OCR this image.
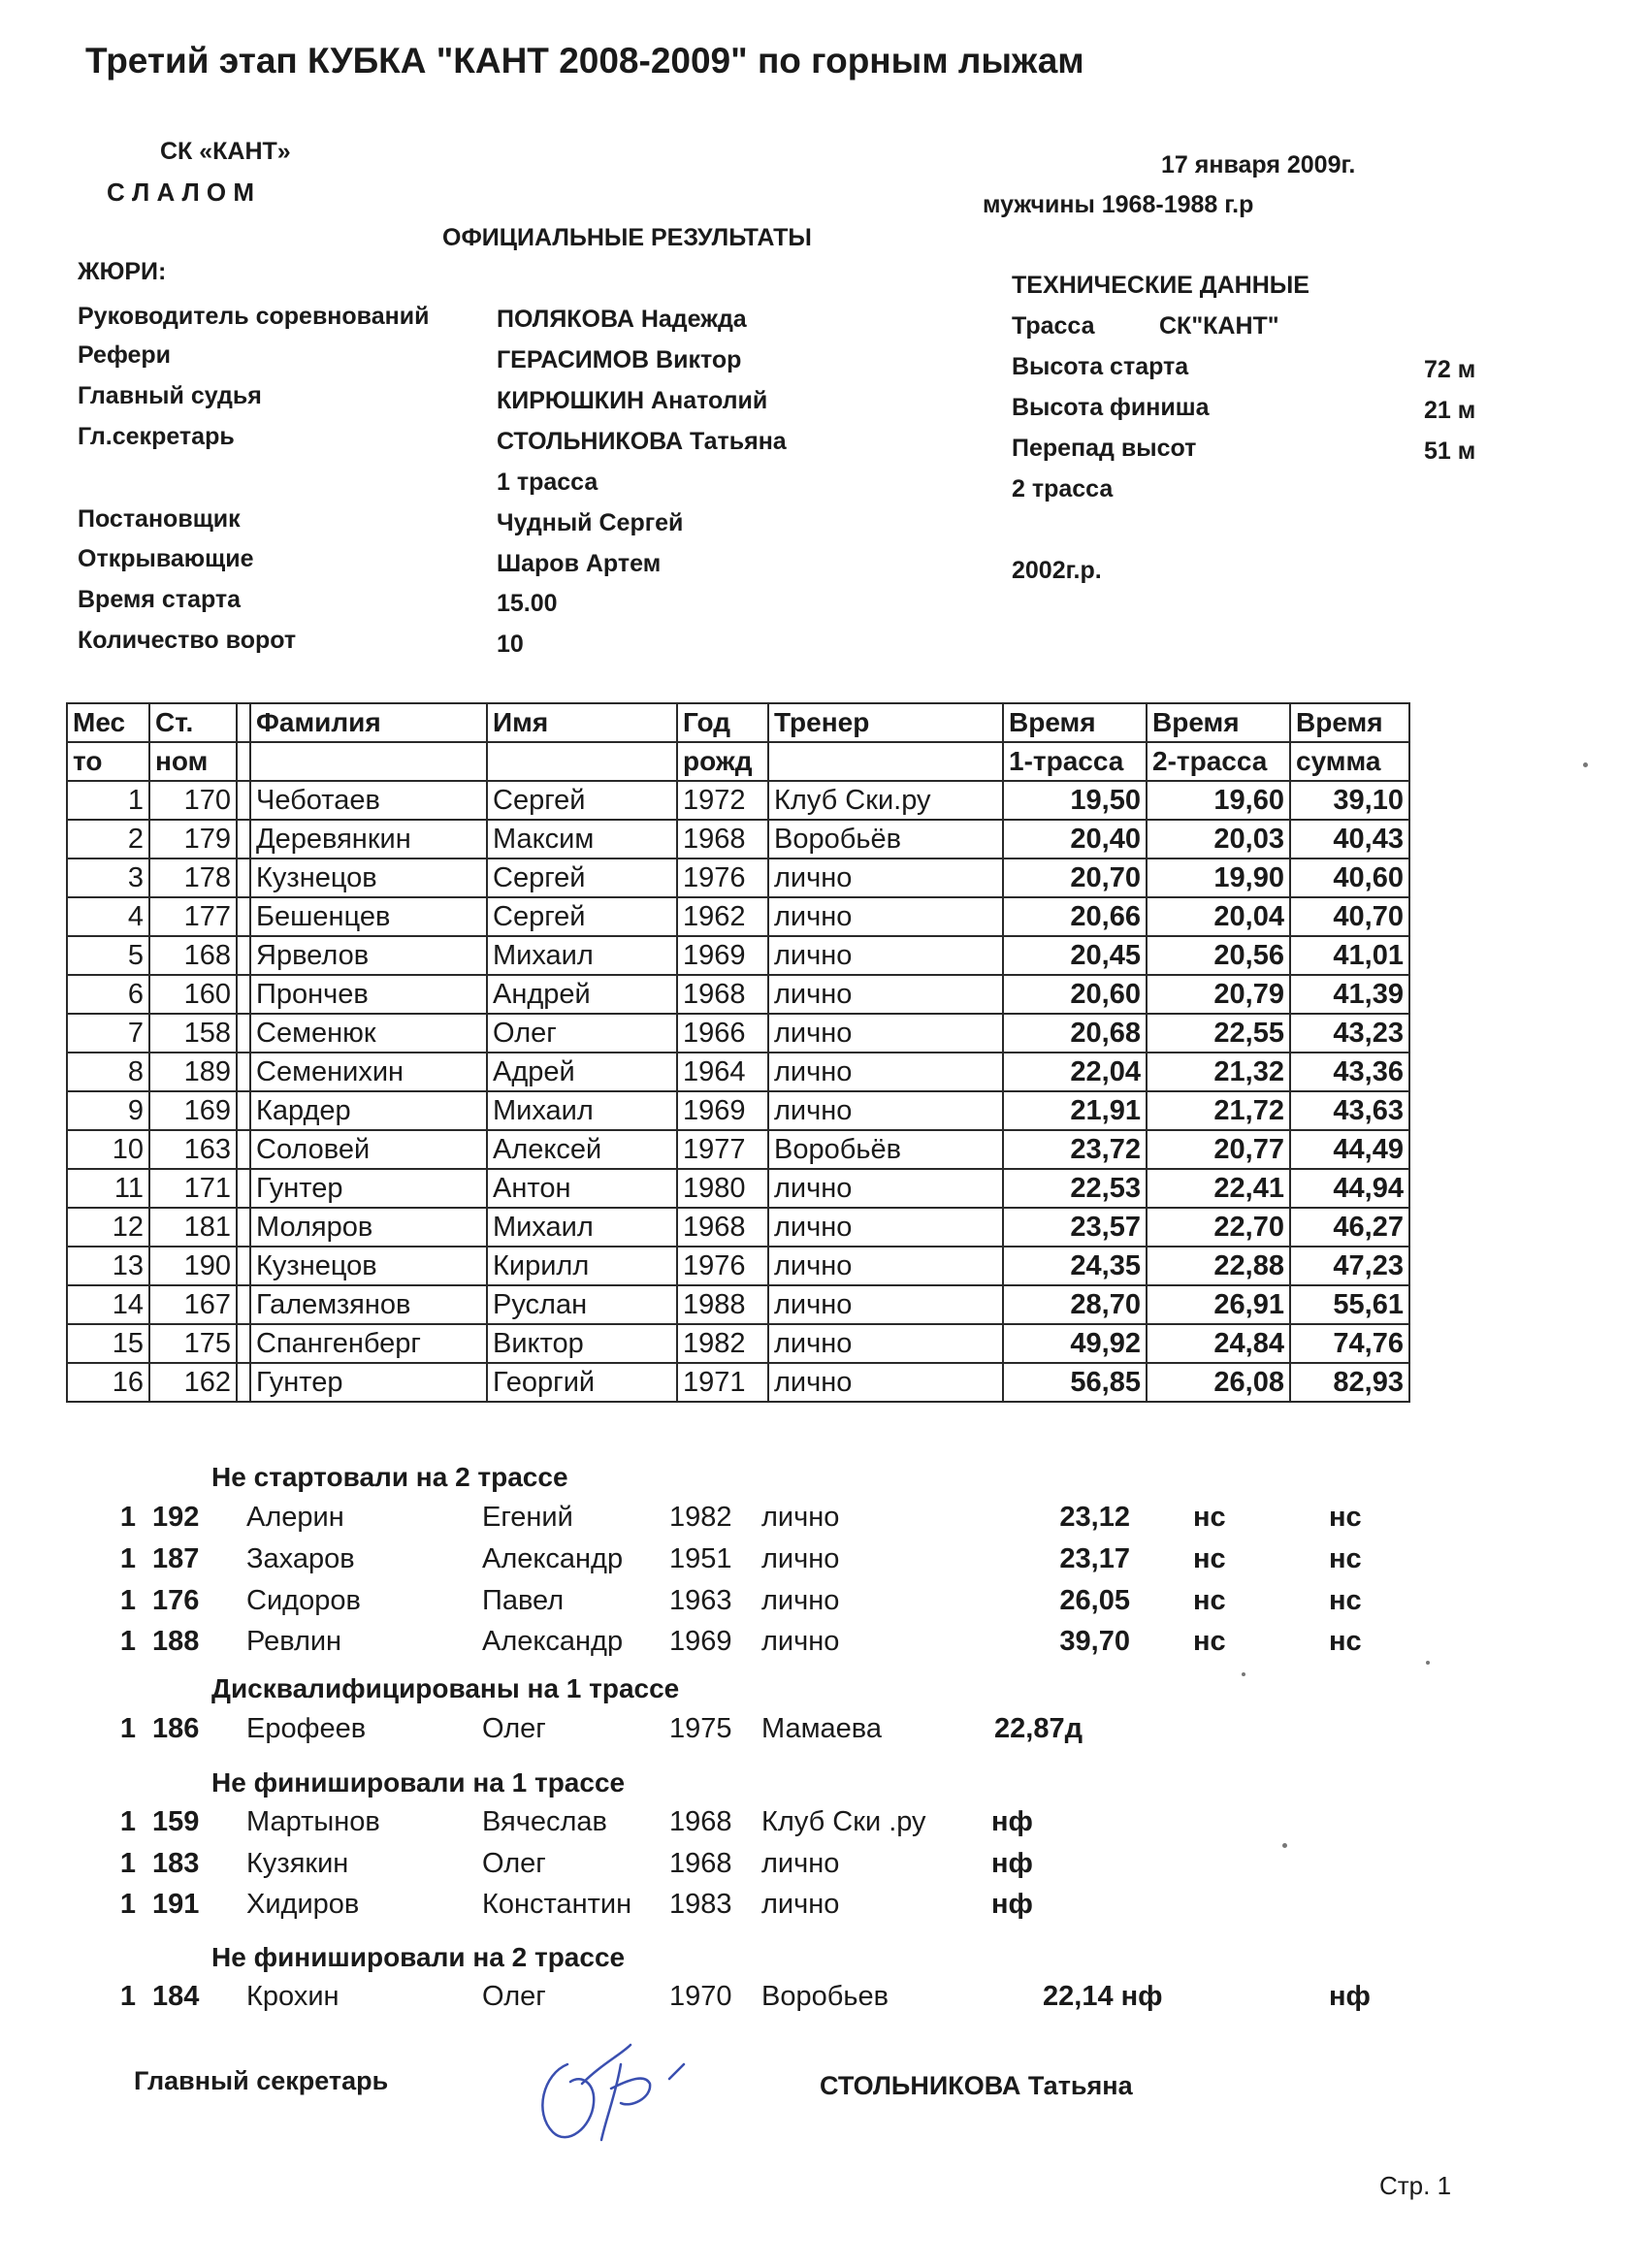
Третий этап КУБКА "КАНТ 2008-2009" по горным лыжам
СК «КАНТ»
С Л А Л О М
17 января 2009г.
мужчины 1968-1988 г.р
ОФИЦИАЛЬНЫЕ РЕЗУЛЬТАТЫ
ЖЮРИ:
Руководитель соревнований	ПОЛЯКОВА Надежда
Рефери	ГЕРАСИМОВ Виктор
Главный судья	КИРЮШКИН Анатолий
Гл.секретарь	СТОЛЬНИКОВА Татьяна
1 трасса
Постановщик	Чудный Сергей
Открывающие	Шаров Артем
Время старта	15.00
Количество ворот	10
ТЕХНИЧЕСКИЕ ДАННЫЕ
Трасса	СК"КАНТ"
Высота старта	72 м
Высота финиша	21 м
Перепад высот	51 м
2 трасса
2002г.р.
Мес	Ст.		Фамилия	Имя	Год	Тренер	Время	Время	Время
то	ном				рожд		1-трасса	2-трасса	сумма
1	170		Чеботаев	Сергей	1972	Клуб Ски.ру	19,50	19,60	39,10
2	179		Деревянкин	Максим	1968	Воробьёв	20,40	20,03	40,43
3	178		Кузнецов	Сергей	1976	лично	20,70	19,90	40,60
4	177		Бешенцев	Сергей	1962	лично	20,66	20,04	40,70
5	168		Ярвелов	Михаил	1969	лично	20,45	20,56	41,01
6	160		Прончев	Андрей	1968	лично	20,60	20,79	41,39
7	158		Семенюк	Олег	1966	лично	20,68	22,55	43,23
8	189		Семенихин	Адрей	1964	лично	22,04	21,32	43,36
9	169		Кардер	Михаил	1969	лично	21,91	21,72	43,63
10	163		Соловей	Алексей	1977	Воробьёв	23,72	20,77	44,49
11	171		Гунтер	Антон	1980	лично	22,53	22,41	44,94
12	181		Моляров	Михаил	1968	лично	23,57	22,70	46,27
13	190		Кузнецов	Кирилл	1976	лично	24,35	22,88	47,23
14	167		Галемзянов	Руслан	1988	лично	28,70	26,91	55,61
15	175		Спангенберг	Виктор	1982	лично	49,92	24,84	74,76
16	162		Гунтер	Георгий	1971	лично	56,85	26,08	82,93
Не стартовали на 2 трассе
1 192	Алерин	Егений	1982	лично	23,12 нс	нс
1 187	Захаров	Александр	1951	лично	23,17 нс	нс
1 176	Сидоров	Павел	1963	лично	26,05 нс	нс
1 188	Ревлин	Александр	1969	лично	39,70 нс	нс
Дисквалифицированы на 1 трассе
1 186	Ерофеев	Олег	1975	Мамаева	22,87д
Не финишировали на 1 трассе
1 159	Мартынов	Вячеслав	1968	Клуб Ски .ру	нф
1 183	Кузякин	Олег	1968	лично	нф
1 191	Хидиров	Константин	1983	лично	нф
Не финишировали на 2 трассе
1 184	Крохин	Олег	1970	Воробьев	22,14 нф	нф
Главный секретарь	СТОЛЬНИКОВА Татьяна
Стр. 1
